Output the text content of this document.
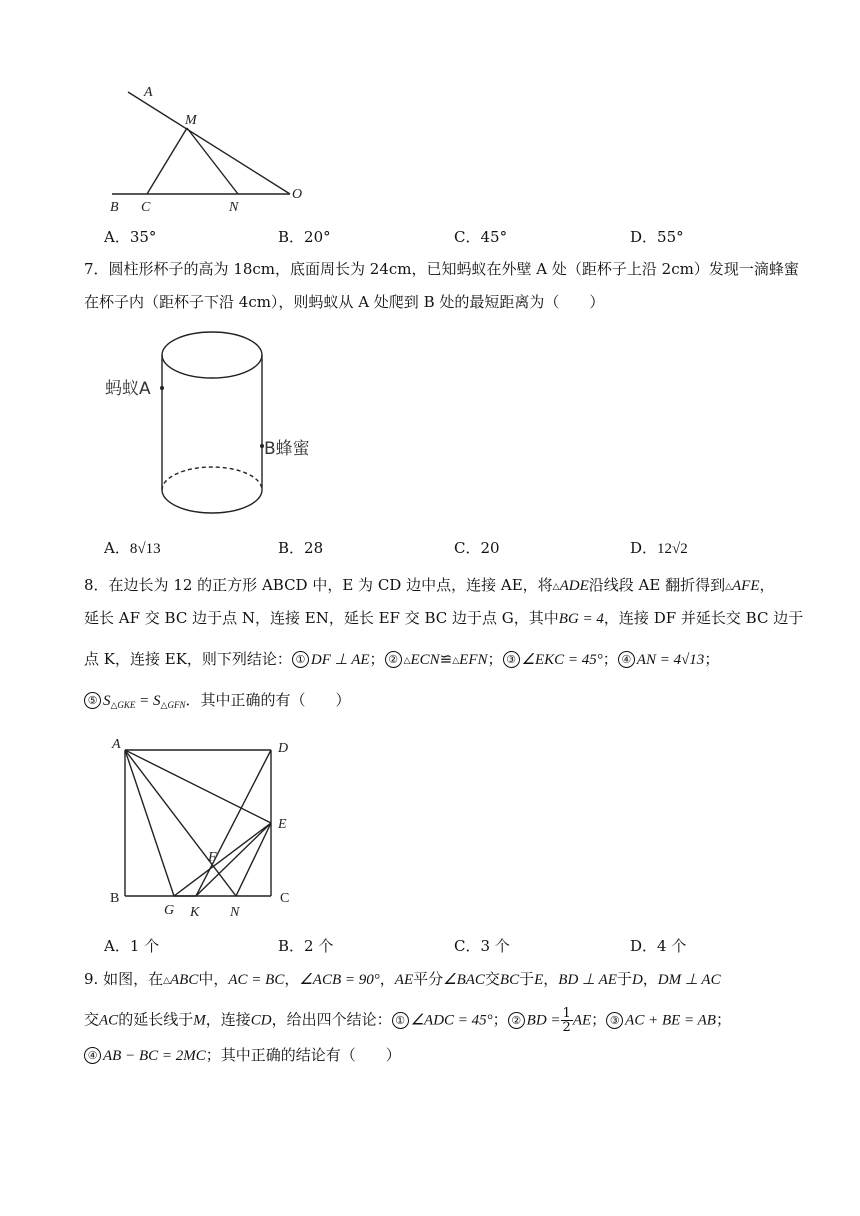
A
M
O
B C	N
A．35°	B．20°	C．45°	D．55°
7．圆柱形杯子的高为 18cm，底面周长为 24cm，已知蚂蚁在外壁 A 处（距杯子上沿 2cm）发现一滴蜂蜜
在杯子内（距杯子下沿 4cm），则蚂蚁从 A 处爬到 B 处的最短距离为（　　）
蚂蚁A
B蜂蜜
A．8√13	B．28	C．20	D．12√2
8．在边长为 12 的正方形 ABCD 中，E 为 CD 边中点，连接 AE，将△ADE沿线段 AE 翻折得到△AFE，
延长 AF 交 BC 边于点 N，连接 EN，延长 EF 交 BC 边于点 G，其中BG = 4，连接 DF 并延长交 BC 边于
点 K，连接 EK，则下列结论： ① DF ⊥ AE； ② △ECN≌△EFN； ③ ∠EKC = 45°； ④ AN = 4√13；
⑤ $S_{\triangle GKE} = S_{\triangle GFN}$．其中正确的有（　　）
A	D
E
F
B
G K N
C
A．1 个	B．2 个	C．3 个	D．4 个
9. 如图，在△ABC中，AC = BC，∠ACB = 90°，AE平分∠BAC交BC于E，BD ⊥ AE于D，DM ⊥ AC
交AC的延长线于M，连接CD，给出四个结论： ① ∠ADC = 45°； ② BD = $\frac{1}{2}$ AE； ③ AC + BE = AB；
④ AB − BC = 2MC；其中正确的结论有（　　）
